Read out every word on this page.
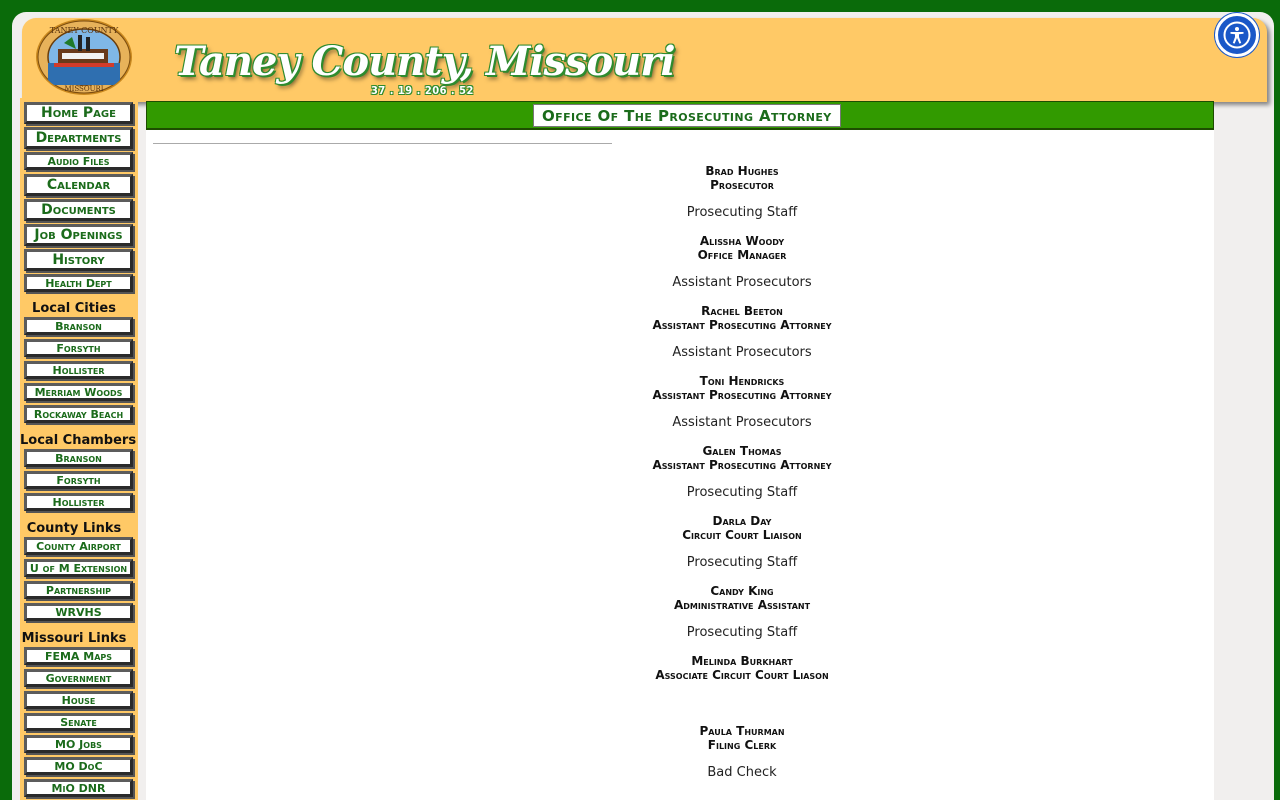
TANEY COUNTY
MISSOURI
Taney County, Missouri
37 . 19 . 206 . 52
Home Page
Departments
Audio Files
Calendar
Documents
Job Openings
History
Health Dept
Local Cities
Branson
Forsyth
Hollister
Merriam Woods
Rockaway Beach
Local Chambers
Branson
Forsyth
Hollister
County Links
County Airport
U of M Extension
Partnership
WRVHS
Missouri Links
FEMA Maps
Government
House
Senate
MO Jobs
MO DoC
MiO DNR
Office Of The Prosecuting Attorney
Brad Hughes
Prosecutor
Prosecuting Staff
Alissha Woody
Office Manager
Assistant Prosecutors
Rachel Beeton
Assistant Prosecuting Attorney
Assistant Prosecutors
Toni Hendricks
Assistant Prosecuting Attorney
Assistant Prosecutors
Galen Thomas
Assistant Prosecuting Attorney
Prosecuting Staff
Darla Day
Circuit Court Liaison
Prosecuting Staff
Candy King
Administrative Assistant
Prosecuting Staff
Melinda Burkhart
Associate Circuit Court Liason
Paula Thurman
Filing Clerk
Bad Check
